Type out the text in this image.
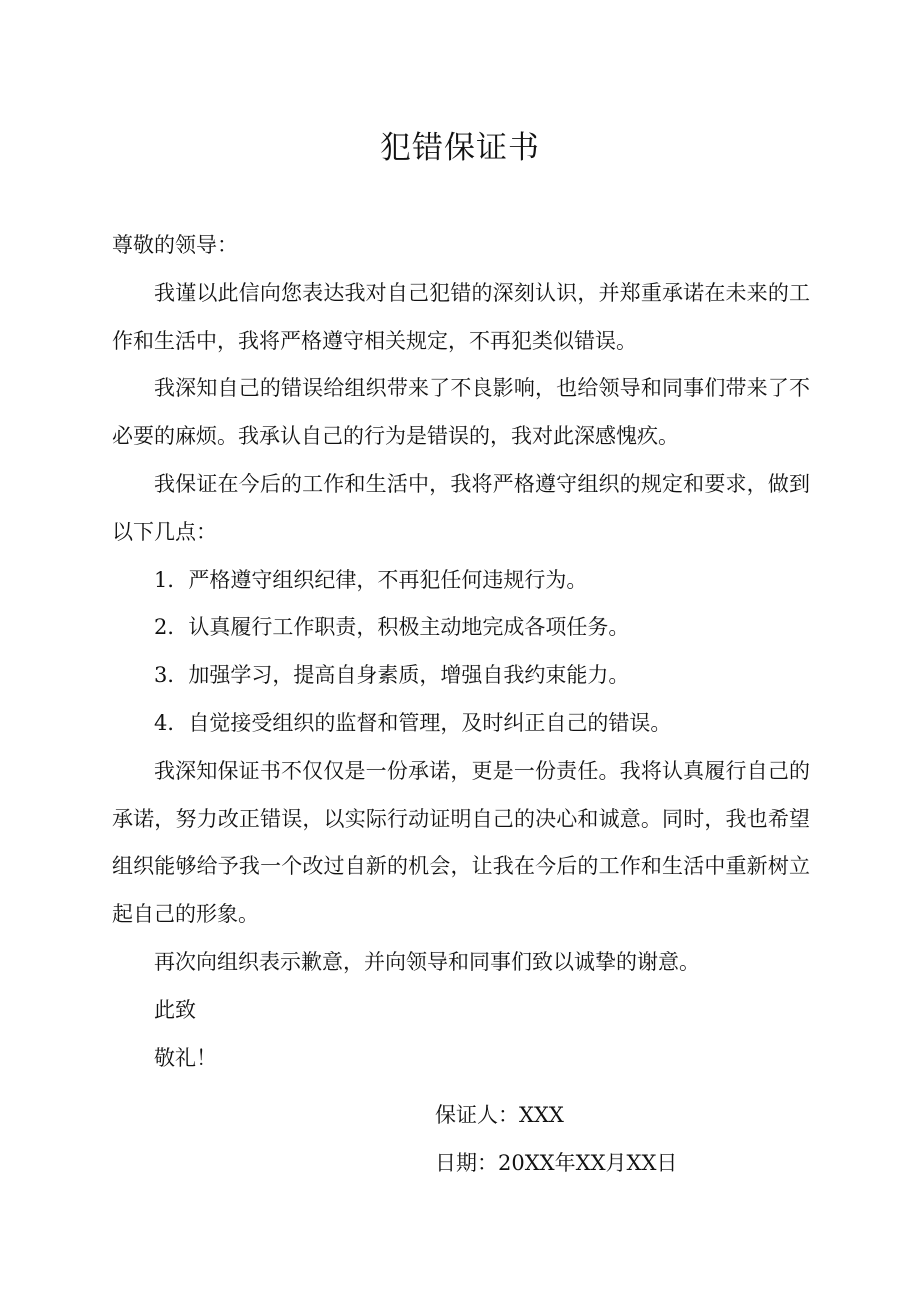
犯错保证书

尊敬的领导：

我谨以此信向您表达我对自己犯错的深刻认识，并郑重承诺在未来的工作和生活中，我将严格遵守相关规定，不再犯类似错误。

我深知自己的错误给组织带来了不良影响，也给领导和同事们带来了不必要的麻烦。我承认自己的行为是错误的，我对此深感愧疚。

我保证在今后的工作和生活中，我将严格遵守组织的规定和要求，做到以下几点：

1．严格遵守组织纪律，不再犯任何违规行为。

2．认真履行工作职责，积极主动地完成各项任务。

3．加强学习，提高自身素质，增强自我约束能力。

4．自觉接受组织的监督和管理，及时纠正自己的错误。

我深知保证书不仅仅是一份承诺，更是一份责任。我将认真履行自己的承诺，努力改正错误，以实际行动证明自己的决心和诚意。同时，我也希望组织能够给予我一个改过自新的机会，让我在今后的工作和生活中重新树立起自己的形象。

再次向组织表示歉意，并向领导和同事们致以诚挚的谢意。

此致

敬礼！

保证人：XXX
日期：20XX年XX月XX日
